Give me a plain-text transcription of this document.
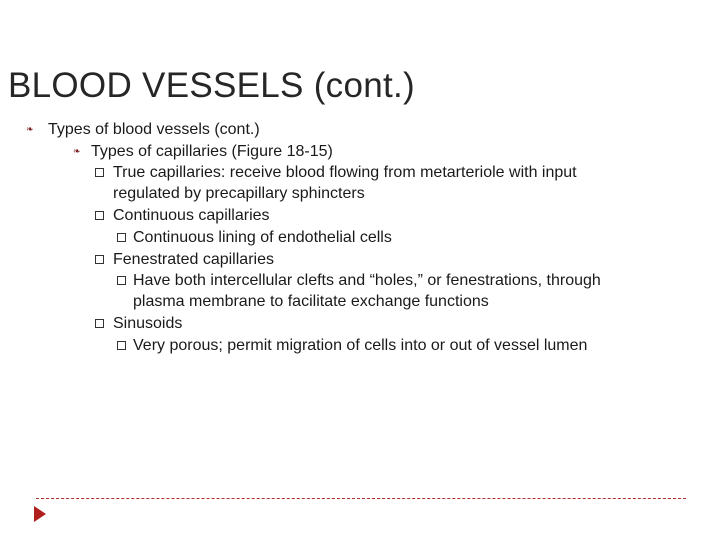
BLOOD VESSELS (cont.)
❧ Types of blood vessels (cont.)
❧ Types of capillaries (Figure 18-15)
True capillaries: receive blood flowing from metarteriole with input
regulated by precapillary sphincters
Continuous capillaries
Continuous lining of endothelial cells
Fenestrated capillaries
Have both intercellular clefts and “holes,” or fenestrations, through
plasma membrane to facilitate exchange functions
Sinusoids
Very porous; permit migration of cells into or out of vessel lumen
